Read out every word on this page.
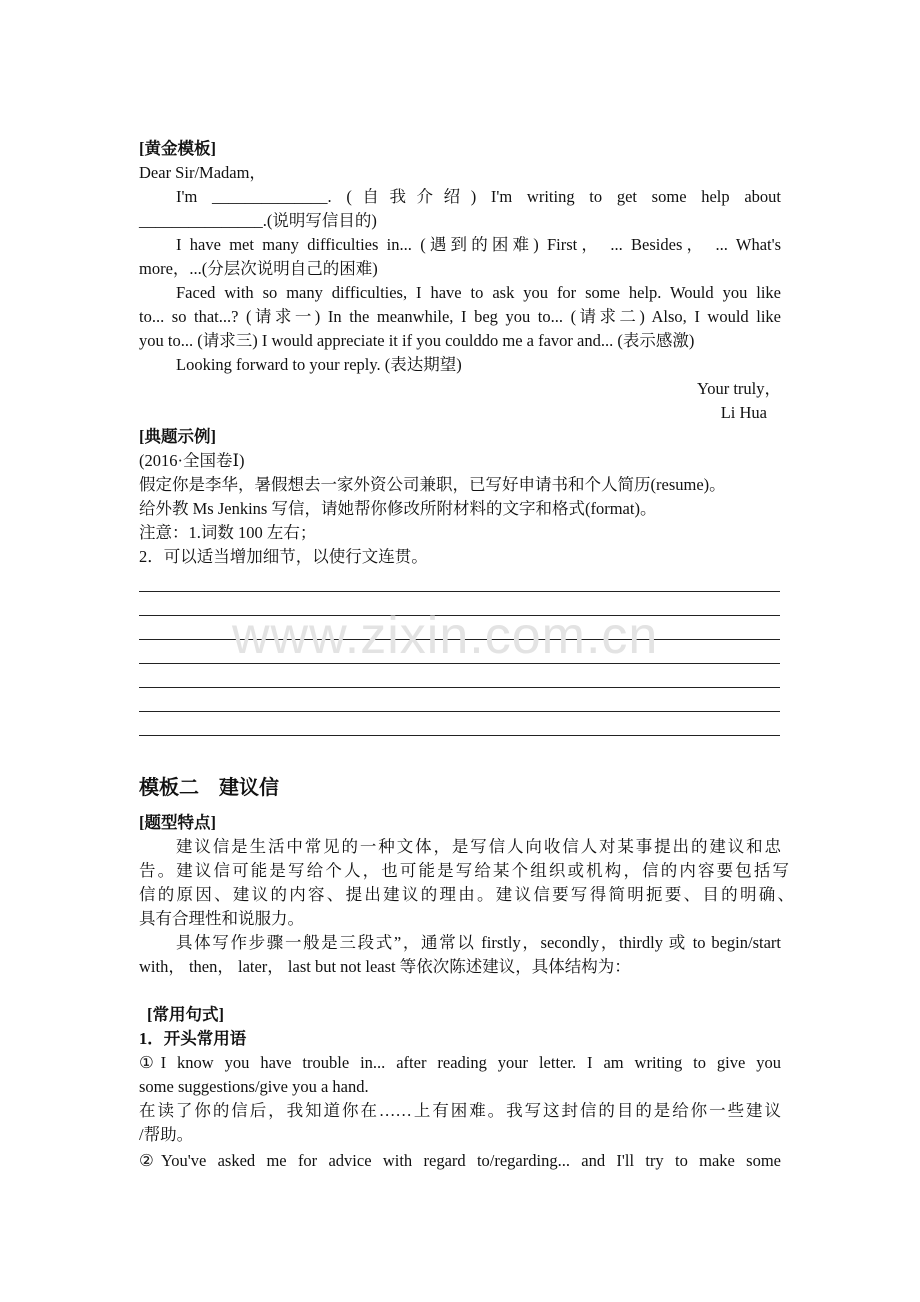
[黄金模板]
Dear Sir/Madam，
I'm ______________. (自我介绍) I'm writing to get some help about
_______________.(说明写信目的)
I have met many difficulties in... (遇到的困难) First， ... Besides， ... What's
more，...(分层次说明自己的困难)
Faced with so many difficulties, I have to ask you for some help. Would you like
to... so that...? (请求一) In the meanwhile, I beg you to... (请求二) Also, I would like
you to... (请求三) I would appreciate it if you coulddo me a favor and... (表示感激)
Looking forward to your reply. (表达期望)
Your truly，
Li Hua
[典题示例]
(2016·全国卷Ⅰ)
假定你是李华，暑假想去一家外资公司兼职，已写好申请书和个人简历(resume)。
给外教 Ms Jenkins 写信，请她帮你修改所附材料的文字和格式(format)。
注意：1.词数 100 左右；
2．可以适当增加细节，以使行文连贯。
www.zixin.com.cn
模板二　建议信
[题型特点]
建议信是生活中常见的一种文体，是写信人向收信人对某事提出的建议和忠
告。建议信可能是写给个人，也可能是写给某个组织或机构，信的内容要包括写
信的原因、建议的内容、提出建议的理由。建议信要写得简明扼要、目的明确、
具有合理性和说服力。
具体写作步骤一般是三段式”，通常以 firstly，secondly，thirdly 或 to begin/start
with， then， later， last but not least 等依次陈述建议，具体结构为：
[常用句式]
1．开头常用语
①I know you have trouble in... after reading your letter. I am writing to give you
some suggestions/give you a hand.
在读了你的信后，我知道你在……上有困难。我写这封信的目的是给你一些建议
/帮助。
②You've asked me for advice with regard to/regarding... and I'll try to make some
